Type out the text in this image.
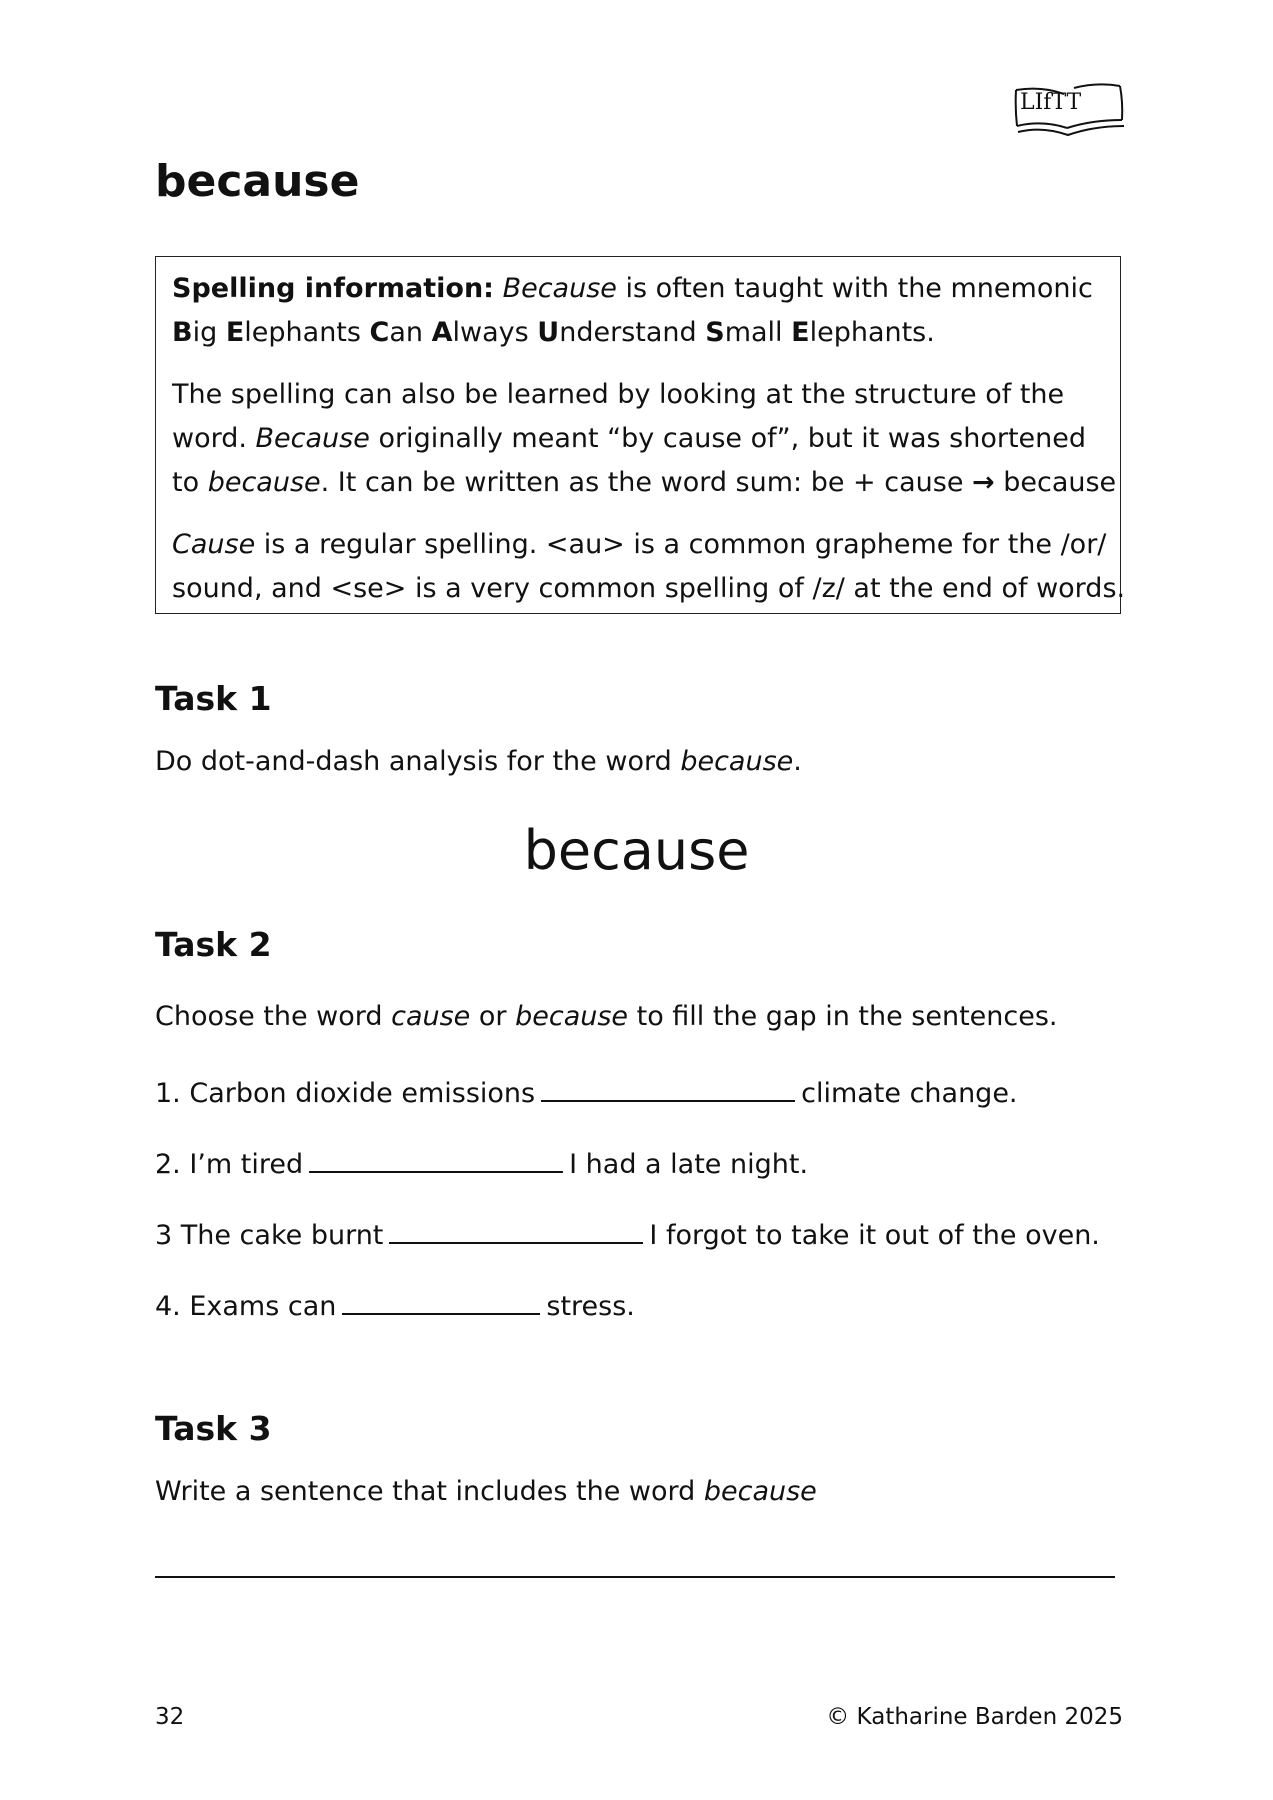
LIfTT
because

Spelling information: Because is often taught with the mnemonic
Big Elephants Can Always Understand Small Elephants.

The spelling can also be learned by looking at the structure of the
word. Because originally meant “by cause of”, but it was shortened
to because. It can be written as the word sum: be + cause → because

Cause is a regular spelling. <au> is a common grapheme for the /or/
sound, and <se> is a very common spelling of /z/ at the end of words.

Task 1
Do dot-and-dash analysis for the word because.
because
Task 2
Choose the word cause or because to fill the gap in the sentences.
1. Carbon dioxide emissions	climate change.
2. I’m tired	I had a late night.
3 The cake burnt	I forgot to take it out of the oven.
4. Exams can	stress.
Task 3
Write a sentence that includes the word because
32	© Katharine Barden 2025
